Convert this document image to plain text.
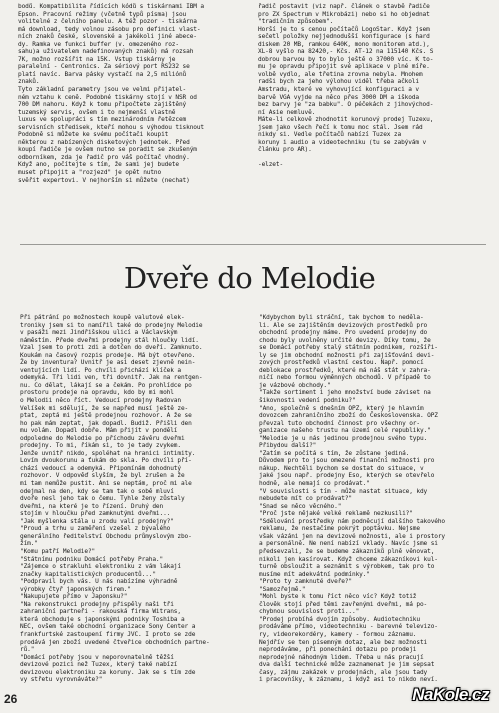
bodů. Kompatibilita řídících kódů s tiskárnami IBM a
Epson. Pracovní režimy (včetně typů písma) jsou
volitelné z čelního panelu. A též pozor - tiskárna
má download, tedy volnou zásobu pro definici vlast-
ních znaků české, slovenské a jakékoli jiné abece-
dy. Ramka ve funkci buffer (v. omezeného roz-
sahu)a uživatelem nadefinovaných znaků) má rozsah
7K, možno rozšířit na 15K. Vstup tiskárny je
paralelní - Centronics. Za sériový port RS232 se
platí navíc. Barva pásky vystačí na 2,5 miliónů
znaků.
Tyto základní parametry jsou ve velmi přijatel-
ném vztahu k ceně. Podobné tiskárny stojí v NSR od
700 DM nahoru. Když k tomu připočtete zajištěný
tuzemský servis, ovšem i to nejmenší vlastně
luxus ve spolupráci s tím mezinárodním řetězcem
servisních středisek, kteří mohou s výhodou tisknout
Podobně si můžete ke svému počítači koupit
některou z nabízených disketových jednotek. Před
koupí řadiče je ovšem nutno se poradit se zkušeným
odborníkem, zda je řadič pro váš počítač vhodný.
Když ano, počítejte s tím, že sami jej budete
muset připojit a "rozjezd" je opět nutno
svěřit expertovi. V nejhorším si můžete (nechat)
řadič postavit (viz např. článek o stavbě řadiče
pro ZX Spectrum v Mikrobázi) nebo si ho objednat
"tradičním způsobem".
Horší je to s cenou počítačů LogoStar. Když jsem
sečetl položky nejjednodušší konfigurace (s hard
diskem 20 MB, ramkou 640K, mono monitorem atd.),
XL-8 vyšlo na 82420,- Kčs. AT-12 na 115140 Kčs. S
dobrou barvou by to bylo ještě o 37000 víc. K to-
mu je opravdu připojit své aplikace v plné míře.
volbě vydlo, ale třetina zrovna nebyla. Mnohem
radši bych za jeho výlohou viděl třeba ačkoli
Amstradu, které ve vyhovující konfiguraci a v
barvě VGA vyjde na něco přes 3000 DM a iškoda
bez barvy je "za babku". O péčekách z jihovýchod-
ní Asie nemluvě.
Máte-li celkově zhodnotit korunový prodej Tuzexu,
jsem jako všech řečí k tomu moc stál. Jsem rád
nikdy si. Vedle počítačů nabízí Tuzex za
koruny i audio a videotechniku (tu se zabývám v
článku pro AR).
-elzet-
Dveře do Melodie
Při pátrání po možnostech koupě valutové elek-
troniky jsem si to namířil také do prodejny Melodie
v pasáži mezi Jindřišskou ulicí a Václavským
náměstím. Přede dveřmi prodejny stál hloučky lidí.
Vzal jsem to proti zdi a dotčen do dveří. Zamknuto.
Koukám na časový rozpis prodeje. Má být otevřeno.
Že by inventura? Uvnitř je asi deset zjevně nein-
ventujících lidí. Po chvíli přichází klíček a
odemyká. Tři lidi ven, tři dovnitř. Jak na rentgen-
nu. Co dělat, lákají se a čekám. Po prohlídce po
prostoru prodeje na opravdu, kdo by mi mohl
o Melodii něco říct. Vedoucí prodejny Radovan
Velíšek mi sdělují, že se napřed musí ještě ze-
ptat, zeptá mi ještě prodejnou rozhovor. A že se
ho pak mám zeptat, jak dopadl. Budiž. Přišli den
mu volám. Dopadl dobře. Mám přijít v pondělí
odpoledne do Melodie po příchodu závěru dveřmi
prodejny. To mi, říkám si, to je tady zvykem.
Jenže uvnitř nikdo, spoléhat na hranici intimity.
Lovím dvoukorunu a ťukám do skla. Po chvíli pří-
chází vedoucí a odemyká. Připomínám dohodnutý
rozhovor. V odpověď slyším, že byl zrušen a že
mi tam nemůže pustit. Ani se neptám, proč mi ale
odejmal na den, kdy se tam tak o sobě mluví
dvoře nesl jeho tak o čemu. Tyhle ženy zůstaly
dveřmi, na které je to řízení. Druhý den
stojím v hloučku před zamknutými dveřmi...
"Jak myšlenka stála u zrodu valí prodejny?"
"Proud a trhu u zaměření vzešel z bývalého
generálního ředitelství Obchodu průmyslovým zbo-
žím."
"Komu patří Melodie?"
"Státnímu podniku Domácí potřeby Praha."
"Zájemce o strakluhi elektroniku z vám lákají
značky kapitalistických producentů..."
"Podpravil bych vás. U nás nabízíme výhradně
výrobky čtyř japonských firem."
"Nakupujete přímo v Japonsku?"
"Na rekonstrukci prodejny přispěly naši tři
zahraniční partneři - rakouská firma Witrans,
která obchoduje s japonskými podniky Toshiba a
NEC, ovšem také obchodní organizace Sony Center a
frankfurtské zastoupení firmy JVC. I proto se zde
prodává jen zboží uvedené čtveřice obchodních partne-
rů."
"Domácí potřeby jsou v neporovnatelně těžší
devizové pozici než Tuzex, který také nabízí
devizovou elektroniku za koruny. Jak se s tím zde
vy střetu vyrovnáváte?"
"Kdybychom byli stráční, tak bychom to neděla-
li. Ale se zajištěním devizových prostředků pro
obchodní prodejny máme. Pro uvedení prodejny do
chodu byly uvolněny určité devizy. Díky tomu, že
se Domácí potřeby stalý státním podnikem, rozšíři-
ly se jim obchodní možnosti při zajišťování devi-
zových prostředků vlastní cestou. Např. pomocí
deblokace prostředků, které má náš stát v zahra-
ničí nebo formou výměnných obchodů. V případě to
je vázbové obchody."
"Takže sortiment i jeho množství bude záviset na
šikovnosti vedení podniku?"
"Ano, společně s dnešním OPZ, který je hlavním
dovozcem zahraničního zboží do Československa. OPZ
převzal tuto obchodní činnost pro všechny or-
ganizace našeho trustu na území celé republiky."
"Melodie je u nás jedinou prodejnou svého typu.
Přibydou další?"
"Zatím se počítá s tím, že zůstane jediná.
Důvodem pro to jsou omezené finanční možnosti pro
nákup. Nechtěli bychom se dostat do situace, v
jaké jsou např. prodejny Eso, kterých se otevřelo
hodně, ale nemají co prodávat."
"V souvislosti s tím - může nastat situace, kdy
nebudete mít co prodávat?"
"Snad se něco věcného."
"Proč jste nějaké velké reklamě nezkusili?"
"Sdělování prostředky nám podněcují dalšího takového
reklamu, že nestačíme pokrýt poptávku. Nejsme
však vázáni jen na devizové možnosti, ale i prostory
a personálně. Ne není nabízí vklady. Navíc jsme si
předsevzali, že se budeme zákazníků plně věnovat,
nikoli jen kasírovat. Když chceme zákazníkovi kul-
turně obsloužit a seznámit s výrobkem, tak pro to
musíme mít adekvátní podmínky."
"Proto ty zamknuté dveře?"
"Samozřejmě."
"Mohl byste k tomu říct něco víc? Když totiž
člověk stojí před těmi zavřenými dveřmi, má po-
chybnou souvislost proti..."
"Prodej probíhá dvojím způsoby. Audiotechniku
prodáváme přímo, videotechniku - barevné televizo-
ry, videorekordéry, kamery - formou záznamu.
Nejdřív se ten písemným dotaz, ale bez možnosti
neprodáváme, při ponechání dotazu po prodeji
neprodejné náhodným lidem. Třeba u nás pracují
dva další technické může zaznamenat je jim sepsat
časy, zájmu zakázek v prodejnách, ale jsou tady
i pracovníky, k záznamu, i když asi to nikdo neví.
26	NaKole.cz
